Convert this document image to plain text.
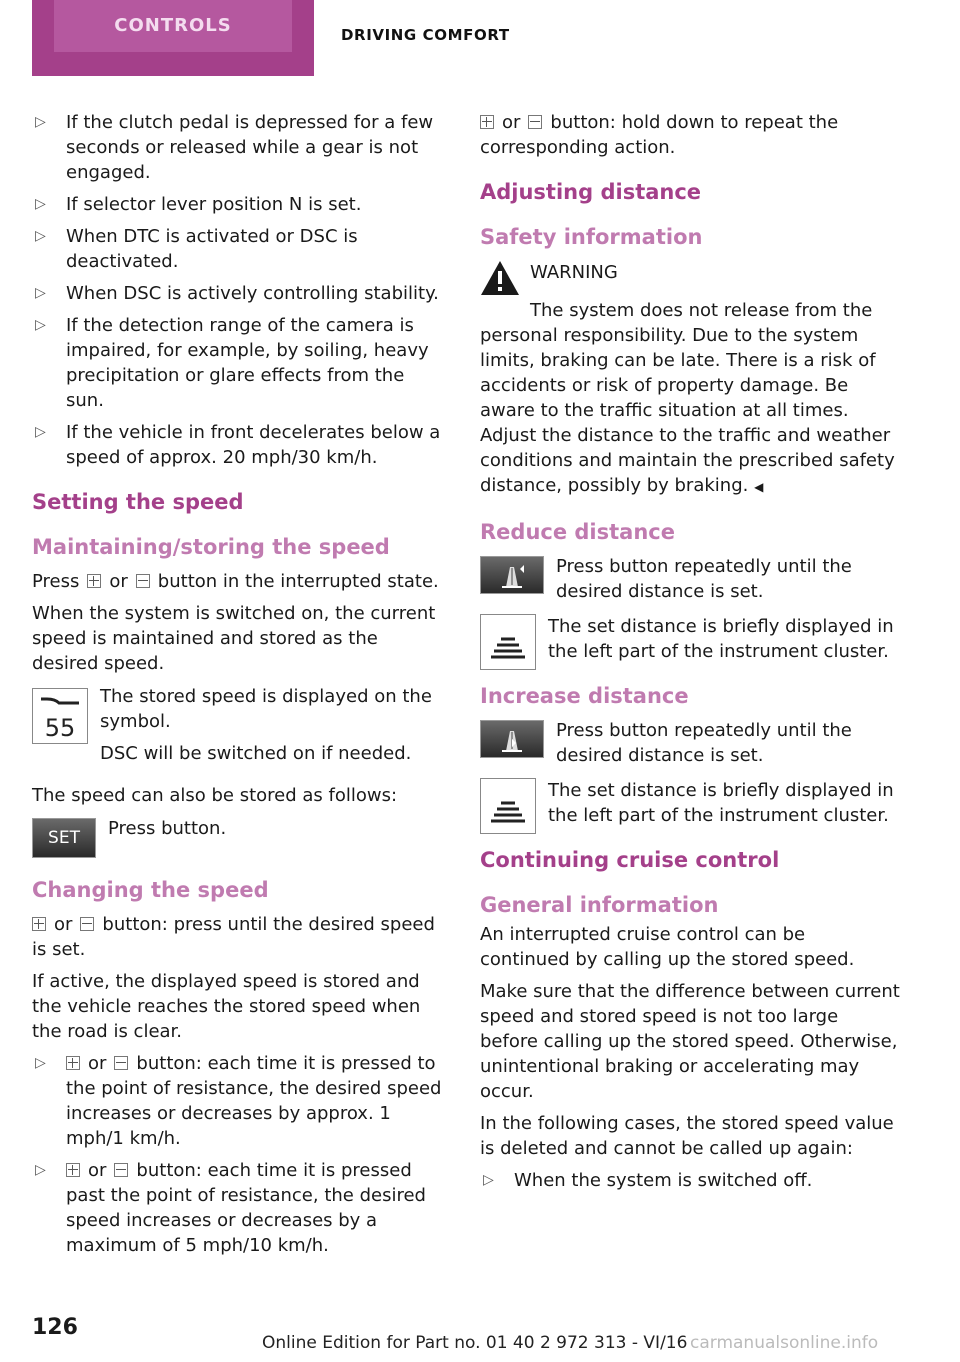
CONTROLS	DRIVING COMFORT
▷ If the clutch pedal is depressed for a few seconds or released while a gear is not engaged.
▷ If selector lever position N is set.
▷ When DTC is activated or DSC is deactivated.
▷ When DSC is actively controlling stability.
▷ If the detection range of the camera is impaired, for example, by soiling, heavy precipitation or glare effects from the sun.
▷ If the vehicle in front decelerates below a speed of approx. 20 mph/30 km/h.
Setting the speed
Maintaining/storing the speed

Press or button in the interrupted state.

When the system is switched on, the current speed is maintained and stored as the desired speed.

55

The stored speed is displayed on the symbol.

DSC will be switched on if needed.

The speed can also be stored as follows:

SET	Press button.
Changing the speed

or button: press until the desired speed is set.

If active, the displayed speed is stored and the vehicle reaches the stored speed when the road is clear.

▷ or button: each time it is pressed to the point of resistance, the desired speed increases or decreases by approx. 1 mph/1 km/h.
▷ or button: each time it is pressed past the point of resistance, the desired speed increases or decreases by a maximum of 5 mph/10 km/h.

or button: hold down to repeat the corresponding action.

Adjusting distance
Safety information
WARNING

The system does not release from the personal responsibility. Due to the system limits, braking can be late. There is a risk of accidents or risk of property damage. Be aware to the traffic situation at all times. Adjust the distance to the traffic and weather conditions and maintain the prescribed safety distance, possibly by braking. ◀

Reduce distance
Press button repeatedly until the desired distance is set.
The set distance is briefly displayed in the left part of the instrument cluster.
Increase distance
Press button repeatedly until the desired distance is set.
The set distance is briefly displayed in the left part of the instrument cluster.
Continuing cruise control
General information

An interrupted cruise control can be continued by calling up the stored speed.

Make sure that the difference between current speed and stored speed is not too large before calling up the stored speed. Otherwise, unintentional braking or accelerating may occur.

In the following cases, the stored speed value is deleted and cannot be called up again:

▷ When the system is switched off.
126
Online Edition for Part no. 01 40 2 972 313 - VI/16 carmanualsonline.info
